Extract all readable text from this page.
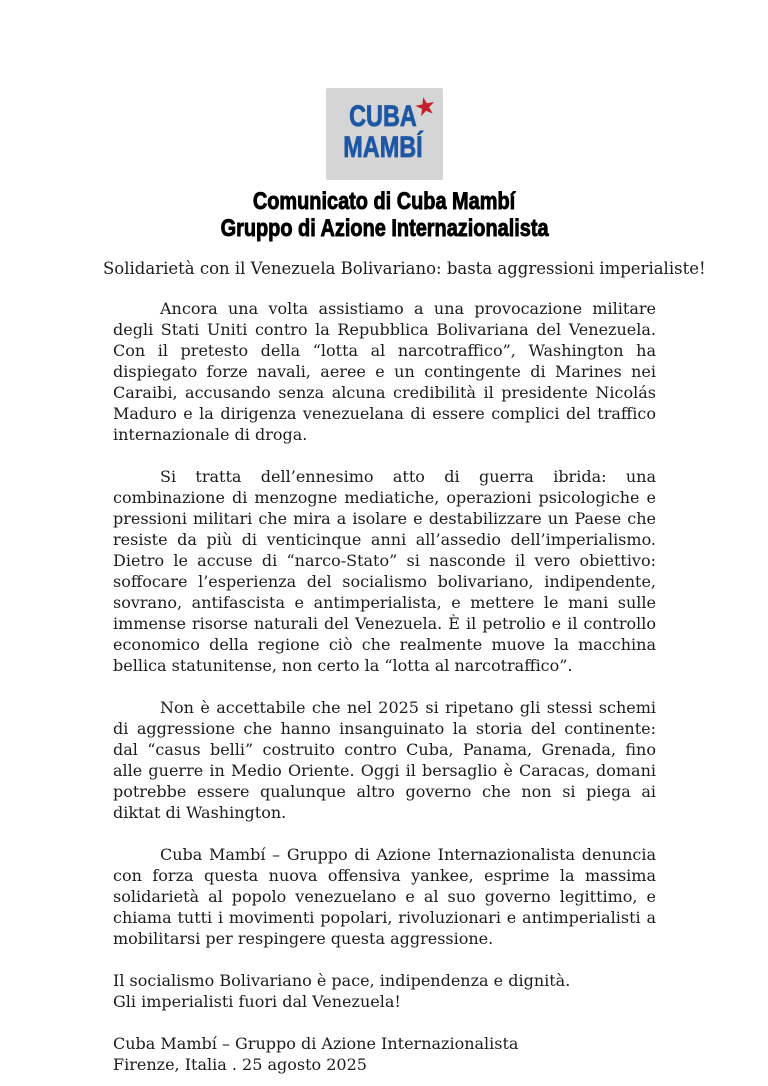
CUBA
MAMBÍ
★
Comunicato di Cuba Mambí
Gruppo di Azione Internazionalista
Solidarietà con il Venezuela Bolivariano: basta aggressioni imperialiste!

Ancora una volta assistiamo a una provocazione militare degli Stati Uniti contro la Repubblica Bolivariana del Venezuela. Con il pretesto della “lotta al narcotraffico”, Washington ha dispiegato forze navali, aeree e un contingente di Marines nei Caraibi, accusando senza alcuna credibilità il presidente Nicolás Maduro e la dirigenza venezuelana di essere complici del traffico internazionale di droga.

Si tratta dell’ennesimo atto di guerra ibrida: una combinazione di menzogne mediatiche, operazioni psicologiche e pressioni militari che mira a isolare e destabilizzare un Paese che resiste da più di venticinque anni all’assedio dell’imperialismo. Dietro le accuse di “narco-Stato” si nasconde il vero obiettivo: soffocare l’esperienza del socialismo bolivariano, indipendente, sovrano, antifascista e antimperialista, e mettere le mani sulle immense risorse naturali del Venezuela. È il petrolio e il controllo economico della regione ciò che realmente muove la macchina bellica statunitense, non certo la “lotta al narcotraffico”.

Non è accettabile che nel 2025 si ripetano gli stessi schemi di aggressione che hanno insanguinato la storia del continente: dal “casus belli” costruito contro Cuba, Panama, Grenada, fino alle guerre in Medio Oriente. Oggi il bersaglio è Caracas, domani potrebbe essere qualunque altro governo che non si piega ai diktat di Washington.

Cuba Mambí – Gruppo di Azione Internazionalista denuncia con forza questa nuova offensiva yankee, esprime la massima solidarietà al popolo venezuelano e al suo governo legittimo, e chiama tutti i movimenti popolari, rivoluzionari e antimperialisti a mobilitarsi per respingere questa aggressione.

Il socialismo Bolivariano è pace, indipendenza e dignità.
Gli imperialisti fuori dal Venezuela!
Cuba Mambí – Gruppo di Azione Internazionalista
Firenze, Italia . 25 agosto 2025
